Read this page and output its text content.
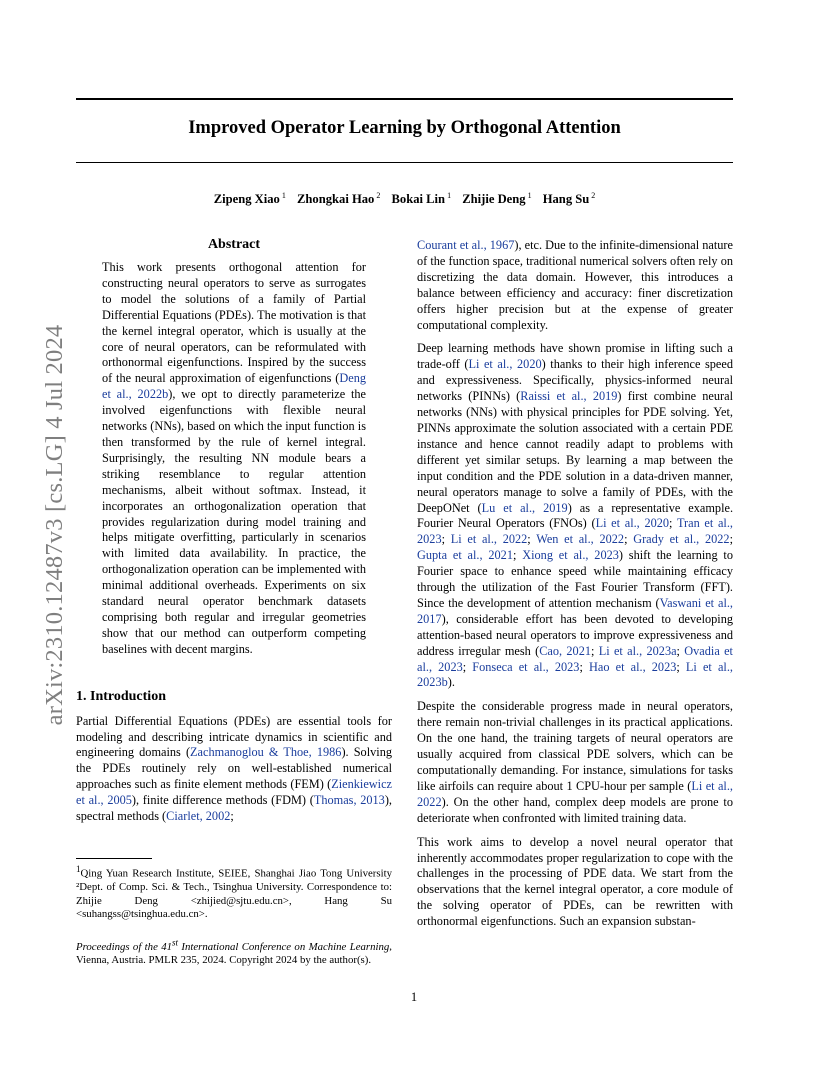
Improved Operator Learning by Orthogonal Attention

Zipeng Xiao $^1$ Zhongkai Hao $^2$ Bokai Lin $^1$ Zhijie Deng $^1$ Hang Su $^2$

arXiv:2310.12487v3 [cs.LG] 4 Jul 2024
Abstract

This work presents orthogonal attention for constructing neural operators to serve as surrogates to model the solutions of a family of Partial Differential Equations (PDEs). The motivation is that the kernel integral operator, which is usually at the core of neural operators, can be reformulated with orthonormal eigenfunctions. Inspired by the success of the neural approximation of eigenfunctions (Deng et al., 2022b), we opt to directly parameterize the involved eigenfunctions with flexible neural networks (NNs), based on which the input function is then transformed by the rule of kernel integral. Surprisingly, the resulting NN module bears a striking resemblance to regular attention mechanisms, albeit without softmax. Instead, it incorporates an orthogonalization operation that provides regularization during model training and helps mitigate overfitting, particularly in scenarios with limited data availability. In practice, the orthogonalization operation can be implemented with minimal additional overheads. Experiments on six standard neural operator benchmark datasets comprising both regular and irregular geometries show that our method can outperform competing baselines with decent margins.

1. Introduction

Partial Differential Equations (PDEs) are essential tools for modeling and describing intricate dynamics in scientific and engineering domains (Zachmanoglou & Thoe, 1986). Solving the PDEs routinely rely on well-established numerical approaches such as finite element methods (FEM) (Zienkiewicz et al., 2005), finite difference methods (FDM) (Thomas, 2013), spectral methods (Ciarlet, 2002;

Courant et al., 1967), etc. Due to the infinite-dimensional nature of the function space, traditional numerical solvers often rely on discretizing the data domain. However, this introduces a balance between efficiency and accuracy: finer discretization offers higher precision but at the expense of greater computational complexity.

Deep learning methods have shown promise in lifting such a trade-off (Li et al., 2020) thanks to their high inference speed and expressiveness. Specifically, physics-informed neural networks (PINNs) (Raissi et al., 2019) first combine neural networks (NNs) with physical principles for PDE solving. Yet, PINNs approximate the solution associated with a certain PDE instance and hence cannot readily adapt to problems with different yet similar setups. By learning a map between the input condition and the PDE solution in a data-driven manner, neural operators manage to solve a family of PDEs, with the DeepONet (Lu et al., 2019) as a representative example. Fourier Neural Operators (FNOs) (Li et al., 2020; Tran et al., 2023; Li et al., 2022; Wen et al., 2022; Grady et al., 2022; Gupta et al., 2021; Xiong et al., 2023) shift the learning to Fourier space to enhance speed while maintaining efficacy through the utilization of the Fast Fourier Transform (FFT). Since the development of attention mechanism (Vaswani et al., 2017), considerable effort has been devoted to developing attention-based neural operators to improve expressiveness and address irregular mesh (Cao, 2021; Li et al., 2023a; Ovadia et al., 2023; Fonseca et al., 2023; Hao et al., 2023; Li et al., 2023b).

Despite the considerable progress made in neural operators, there remain non-trivial challenges in its practical applications. On the one hand, the training targets of neural operators are usually acquired from classical PDE solvers, which can be computationally demanding. For instance, simulations for tasks like airfoils can require about 1 CPU-hour per sample (Li et al., 2022). On the other hand, complex deep models are prone to deteriorate when confronted with limited training data.

This work aims to develop a novel neural operator that inherently accommodates proper regularization to cope with the challenges in the processing of PDE data. We start from the observations that the kernel integral operator, a core module of the solving operator of PDEs, can be rewritten with orthonormal eigenfunctions. Such an expansion substan-

$^1$Qing Yuan Research Institute, SEIEE, Shanghai Jiao Tong University ²Dept. of Comp. Sci. & Tech., Tsinghua University. Correspondence to: Zhijie Deng <zhijied@sjtu.edu.cn>, Hang Su <suhangss@tsinghua.edu.cn>.

Proceedings of the 41st International Conference on Machine Learning, Vienna, Austria. PMLR 235, 2024. Copyright 2024 by the author(s).

1
